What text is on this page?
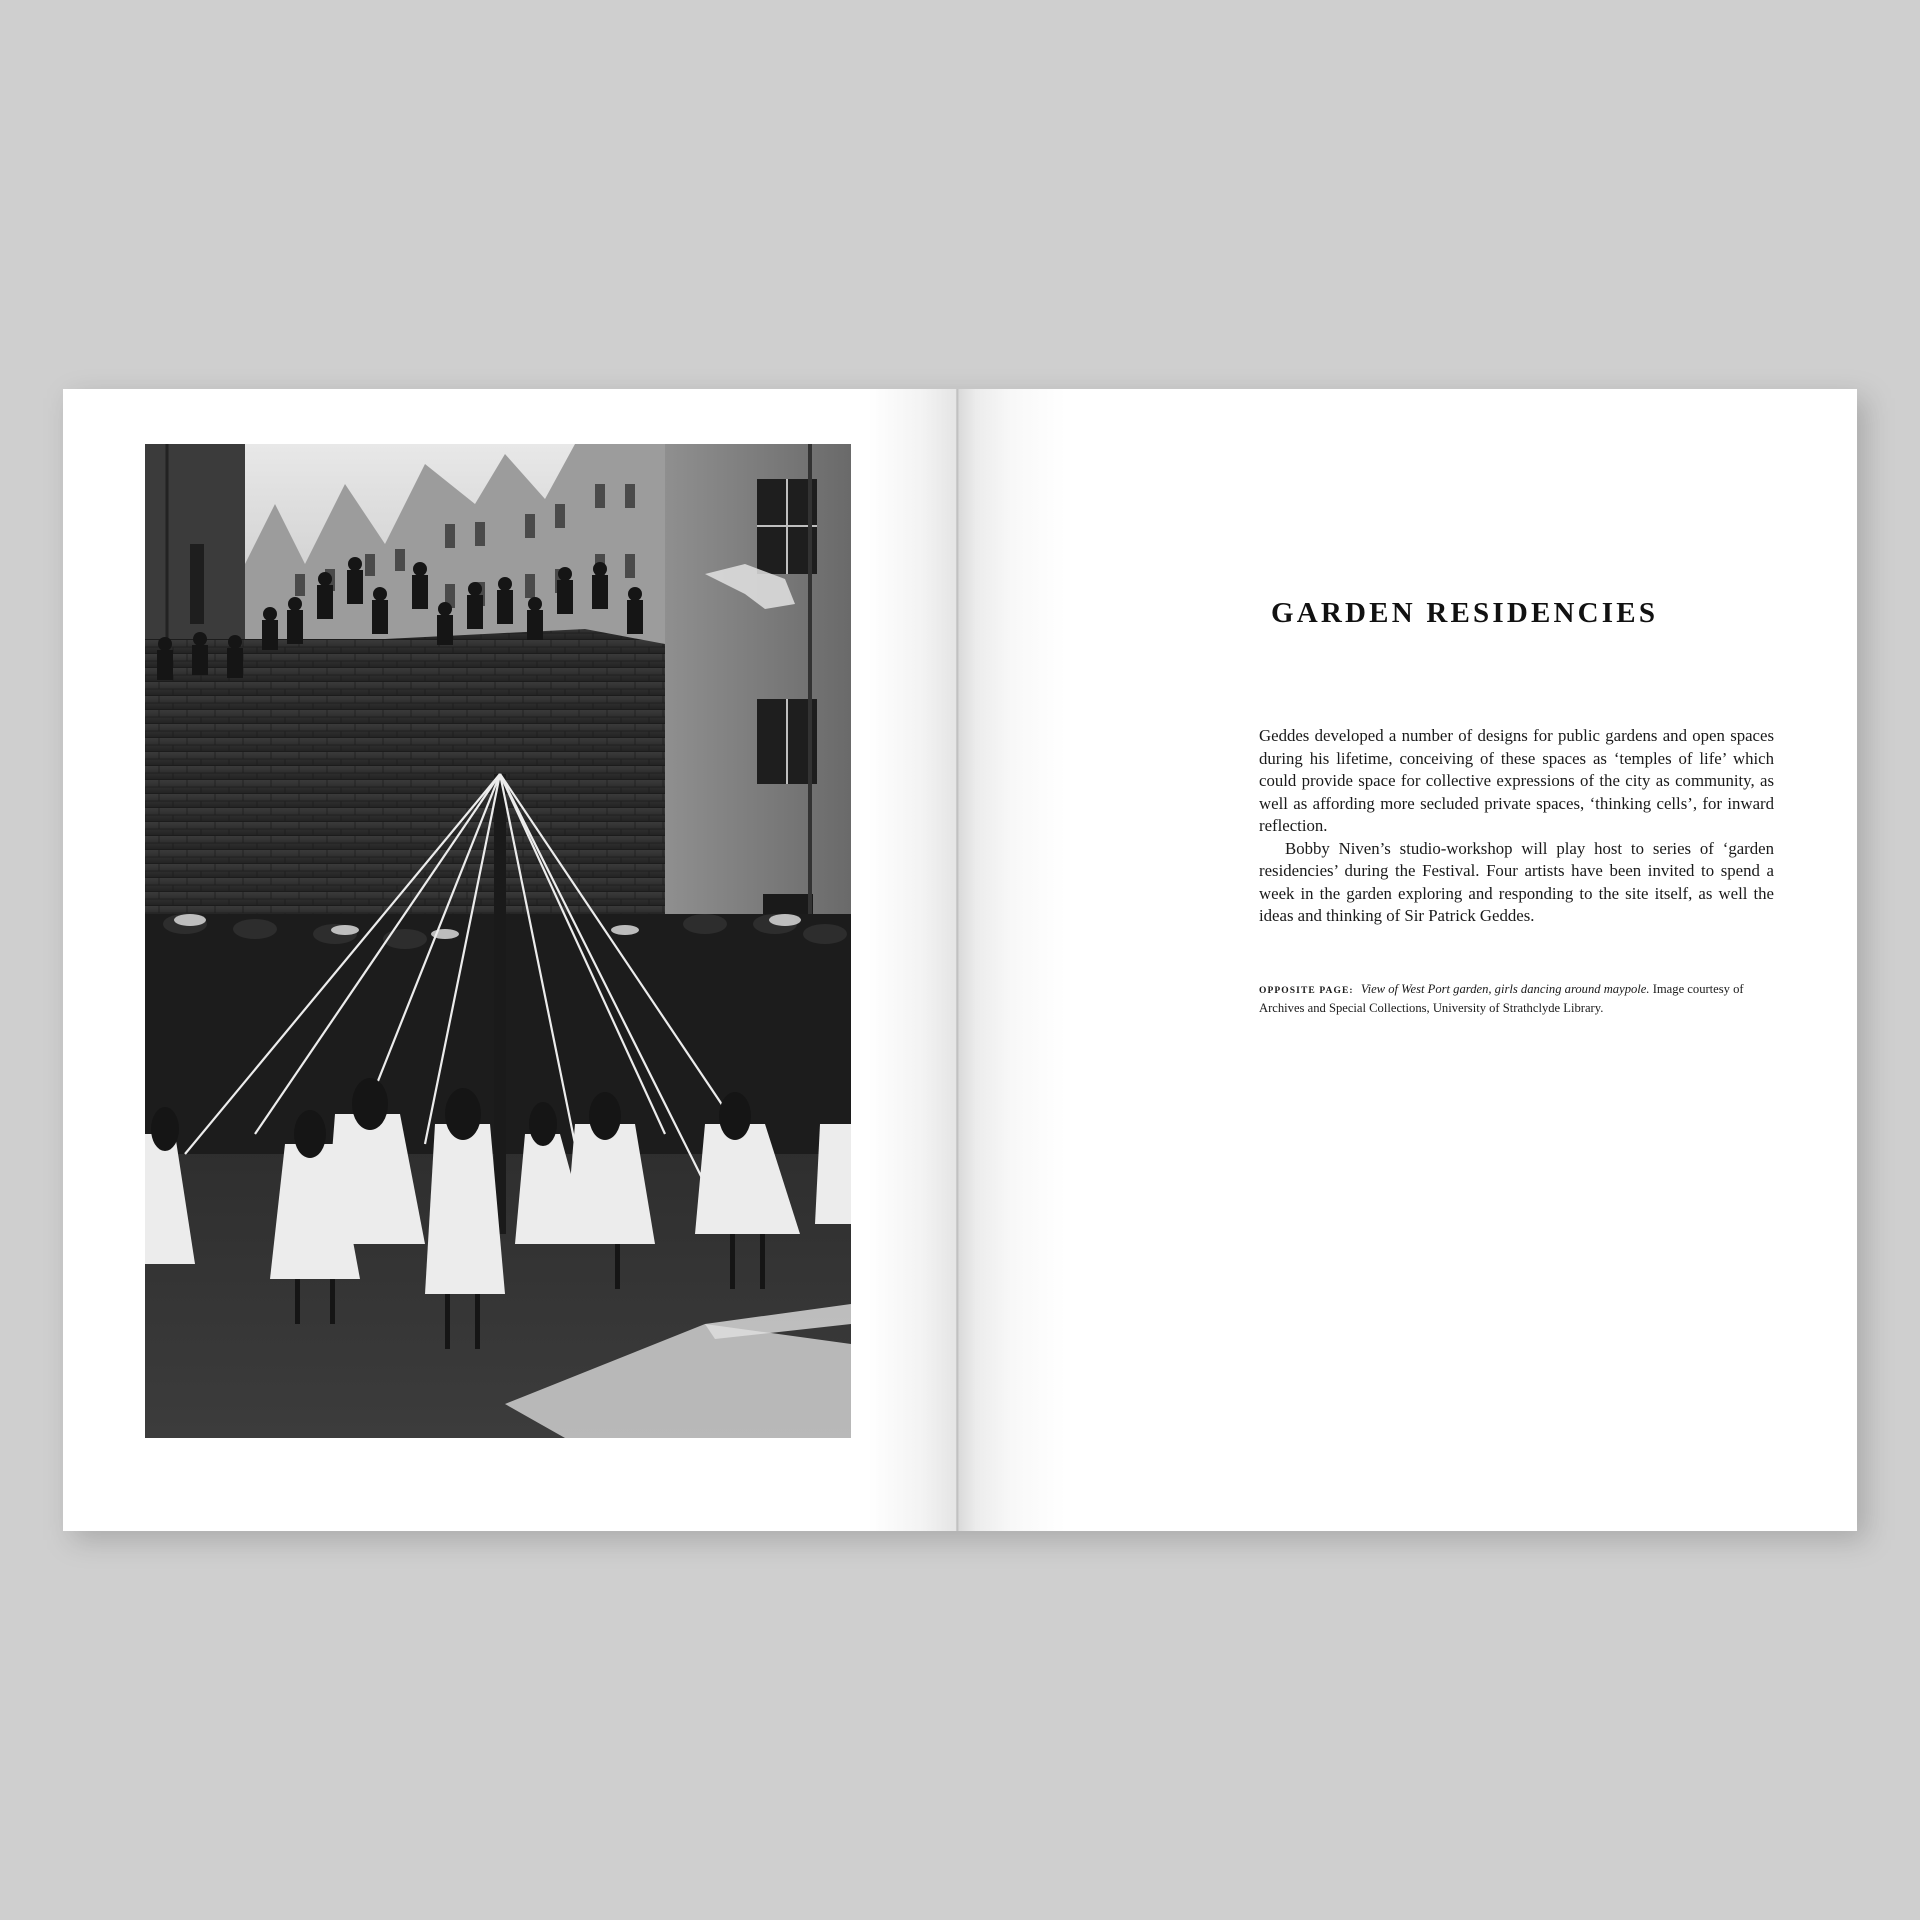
GARDEN RESIDENCIES

Geddes developed a number of designs for public gardens and open spaces during his lifetime, conceiving of these spaces as ‘temples of life’ which could provide space for collective expressions of the city as community, as well as affording more secluded private spaces, ‘thinking cells’, for inward reflection.

Bobby Niven’s studio-workshop will play host to series of ‘garden residencies’ during the Festival. Four artists have been invited to spend a week in the garden exploring and responding to the site itself, as well the ideas and thinking of Sir Patrick Geddes.

OPPOSITE PAGE: View of West Port garden, girls dancing around maypole. Image courtesy of Archives and Special Collections, University of Strathclyde Library.
